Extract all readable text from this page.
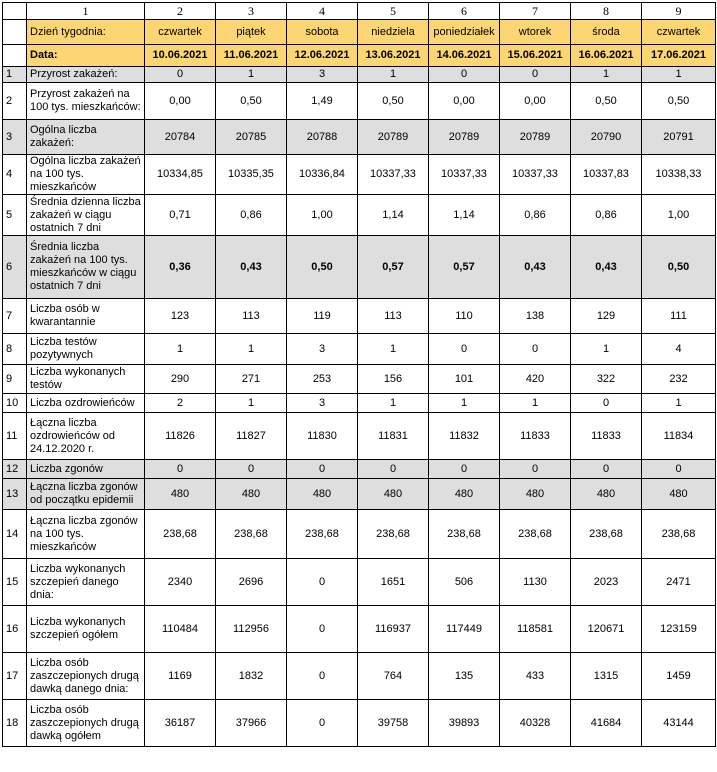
	1	2	3	4	5	6	7	8	9
	Dzień tygodnia:	czwartek	piątek	sobota	niedziela	poniedziałek	wtorek	środa	czwartek
	Data:	10.06.2021	11.06.2021	12.06.2021	13.06.2021	14.06.2021	15.06.2021	16.06.2021	17.06.2021
1	Przyrost zakażeń:	0	1	3	1	0	0	1	1
2	Przyrost zakażeń na 100 tys. mieszkańców:	0,00	0,50	1,49	0,50	0,00	0,00	0,50	0,50
3	Ogólna liczba zakażeń:	20784	20785	20788	20789	20789	20789	20790	20791
4	Ogólna liczba zakażeń na 100 tys. mieszkańców	10334,85	10335,35	10336,84	10337,33	10337,33	10337,33	10337,83	10338,33
5	Średnia dzienna liczba zakażeń w ciągu ostatnich 7 dni	0,71	0,86	1,00	1,14	1,14	0,86	0,86	1,00
6	Średnia liczba zakażeń na 100 tys. mieszkańców w ciągu ostatnich 7 dni	0,36	0,43	0,50	0,57	0,57	0,43	0,43	0,50
7	Liczba osób w kwarantannie	123	113	119	113	110	138	129	111
8	Liczba testów pozytywnych	1	1	3	1	0	0	1	4
9	Liczba wykonanych testów	290	271	253	156	101	420	322	232
10	Liczba ozdrowieńców	2	1	3	1	1	1	0	1
11	Łączna liczba ozdrowieńców od 24.12.2020 r.	11826	11827	11830	11831	11832	11833	11833	11834
12	Liczba zgonów	0	0	0	0	0	0	0	0
13	Łączna liczba zgonów od początku epidemii	480	480	480	480	480	480	480	480
14	Łączna liczba zgonów na 100 tys. mieszkańców	238,68	238,68	238,68	238,68	238,68	238,68	238,68	238,68
15	Liczba wykonanych szczepień danego dnia:	2340	2696	0	1651	506	1130	2023	2471
16	Liczba wykonanych szczepień ogółem	110484	112956	0	116937	117449	118581	120671	123159
17	Liczba osób zaszczepionych drugą dawką danego dnia:	1169	1832	0	764	135	433	1315	1459
18	Liczba osób zaszczepionych drugą dawką ogółem	36187	37966	0	39758	39893	40328	41684	43144
